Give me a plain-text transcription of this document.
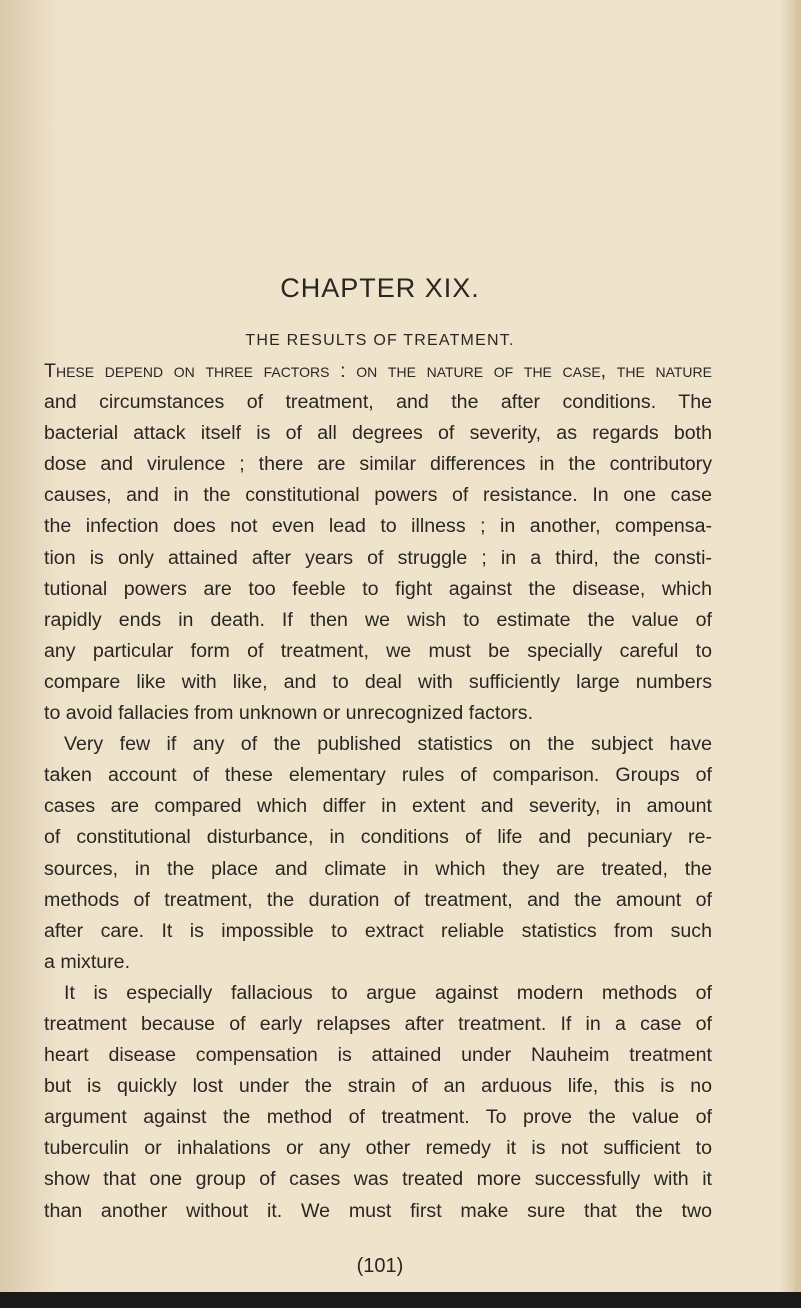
CHAPTER XIX.
THE RESULTS OF TREATMENT.
These depend on three factors : on the nature of the case, the nature
and circumstances of treatment, and the after conditions. The
bacterial attack itself is of all degrees of severity, as regards both
dose and virulence ; there are similar differences in the contributory
causes, and in the constitutional powers of resistance. In one case
the infection does not even lead to illness ; in another, compensa-
tion is only attained after years of struggle ; in a third, the consti-
tutional powers are too feeble to fight against the disease, which
rapidly ends in death. If then we wish to estimate the value of
any particular form of treatment, we must be specially careful to
compare like with like, and to deal with sufficiently large numbers
to avoid fallacies from unknown or unrecognized factors.
Very few if any of the published statistics on the subject have
taken account of these elementary rules of comparison. Groups of
cases are compared which differ in extent and severity, in amount
of constitutional disturbance, in conditions of life and pecuniary re-
sources, in the place and climate in which they are treated, the
methods of treatment, the duration of treatment, and the amount of
after care. It is impossible to extract reliable statistics from such
a mixture.
It is especially fallacious to argue against modern methods of
treatment because of early relapses after treatment. If in a case of
heart disease compensation is attained under Nauheim treatment
but is quickly lost under the strain of an arduous life, this is no
argument against the method of treatment. To prove the value of
tuberculin or inhalations or any other remedy it is not sufficient to
show that one group of cases was treated more successfully with it
than another without it. We must first make sure that the two
(101)
